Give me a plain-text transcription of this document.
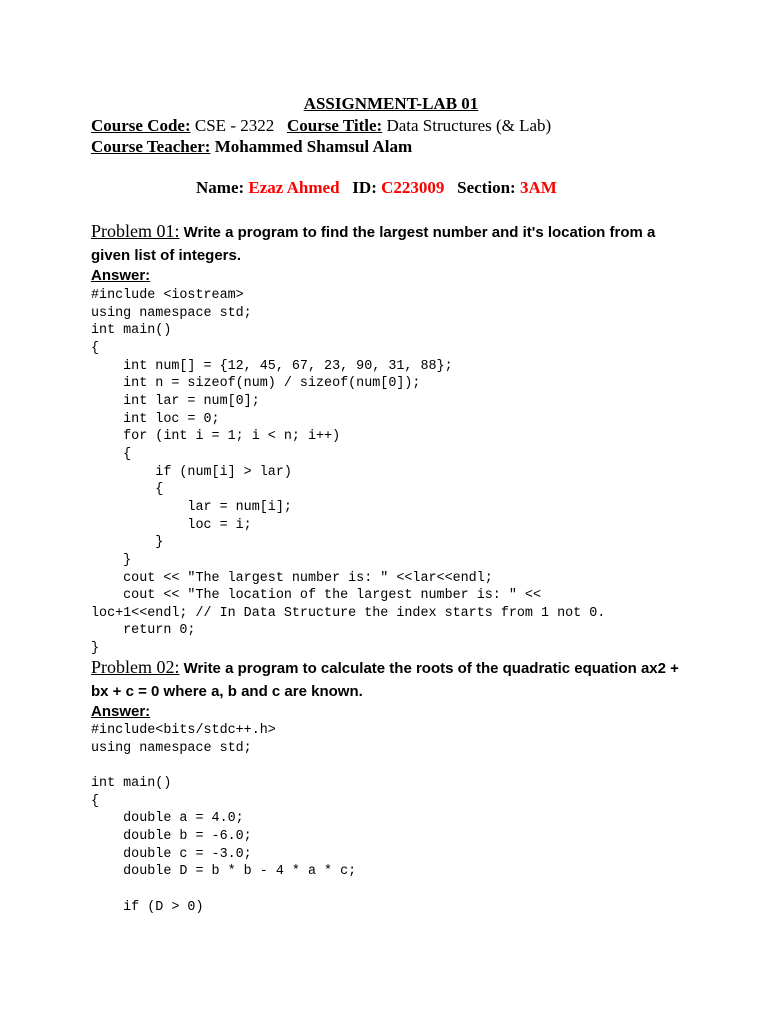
ASSIGNMENT-LAB 01
Course Code: CSE - 2322 Course Title: Data Structures (& Lab)
Course Teacher: Mohammed Shamsul Alam
Name: Ezaz Ahmed ID: C223009 Section: 3AM
Problem 01: Write a program to find the largest number and it's location from a given list of integers.
Answer:
#include <iostream>
using namespace std;
int main()
{
int num[] = {12, 45, 67, 23, 90, 31, 88};
int n = sizeof(num) / sizeof(num[0]);
int lar = num[0];
int loc = 0;
for (int i = 1; i < n; i++)
{
if (num[i] > lar)
{
lar = num[i];
loc = i;
}
}
cout << "The largest number is: " <<lar<<endl;
cout << "The location of the largest number is: " <<
loc+1<<endl; // In Data Structure the index starts from 1 not 0.
return 0;
}
Problem 02: Write a program to calculate the roots of the quadratic equation ax2 + bx + c = 0 where a, b and c are known.
Answer:
#include<bits/stdc++.h>
using namespace std;

int main()
{
double a = 4.0;
double b = -6.0;
double c = -3.0;
double D = b * b - 4 * a * c;

if (D > 0)
